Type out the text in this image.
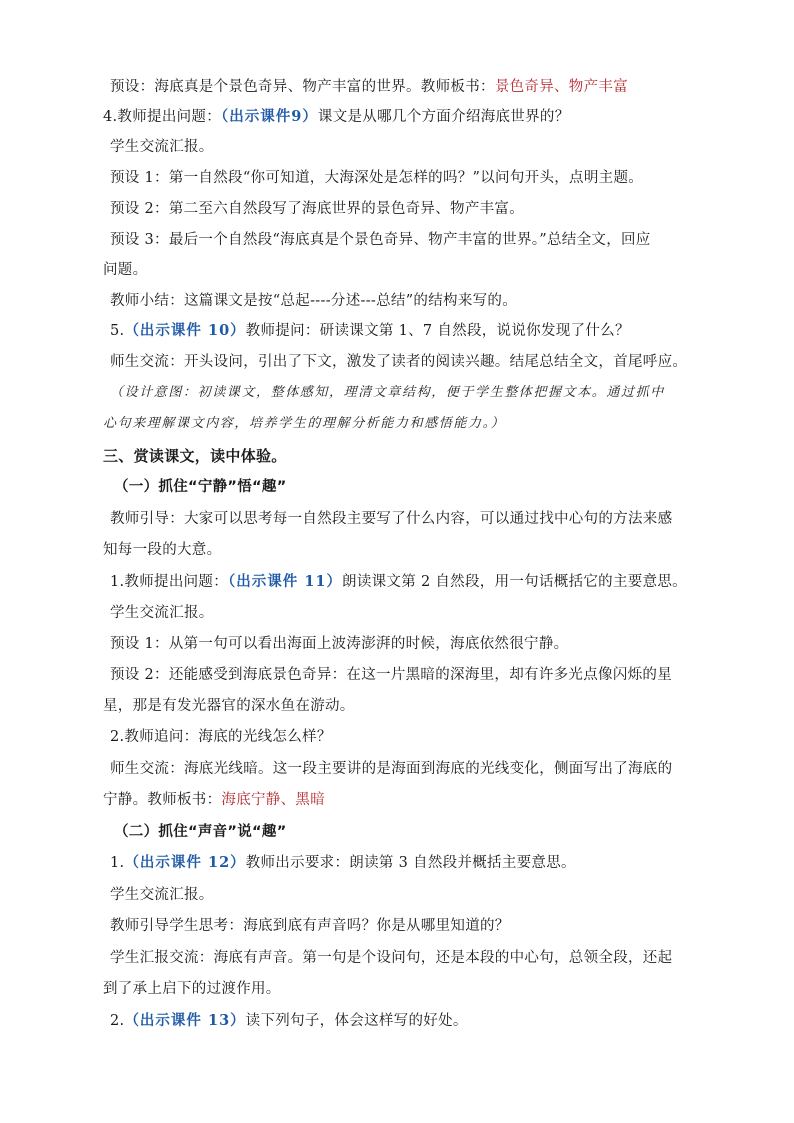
预设：海底真是个景色奇异、物产丰富的世界。教师板书：景色奇异、物产丰富
4.教师提出问题：（出示课件9）课文是从哪几个方面介绍海底世界的？
学生交流汇报。
预设 1：第一自然段“你可知道，大海深处是怎样的吗？”以问句开头，点明主题。
预设 2：第二至六自然段写了海底世界的景色奇异、物产丰富。
预设 3：最后一个自然段“海底真是个景色奇异、物产丰富的世界。”总结全文，回应
问题。
教师小结：这篇课文是按“总起----分述---总结”的结构来写的。
5.（出示课件 10）教师提问：研读课文第 1、7 自然段，说说你发现了什么？
师生交流：开头设问，引出了下文，激发了读者的阅读兴趣。结尾总结全文，首尾呼应。
（设计意图：初读课文，整体感知，理清文章结构，便于学生整体把握文本。通过抓中
心句来理解课文内容，培养学生的理解分析能力和感悟能力。）
三、赏读课文，读中体验。
（一）抓住“宁静”悟“趣”
教师引导：大家可以思考每一自然段主要写了什么内容，可以通过找中心句的方法来感
知每一段的大意。
1.教师提出问题：（出示课件 11）朗读课文第 2 自然段，用一句话概括它的主要意思。
学生交流汇报。
预设 1：从第一句可以看出海面上波涛澎湃的时候，海底依然很宁静。
预设 2：还能感受到海底景色奇异：在这一片黑暗的深海里，却有许多光点像闪烁的星
星，那是有发光器官的深水鱼在游动。
2.教师追问：海底的光线怎么样？
师生交流：海底光线暗。这一段主要讲的是海面到海底的光线变化，侧面写出了海底的
宁静。教师板书：海底宁静、黑暗
（二）抓住“声音”说“趣”
1.（出示课件 12）教师出示要求：朗读第 3 自然段并概括主要意思。
学生交流汇报。
教师引导学生思考：海底到底有声音吗？你是从哪里知道的？
学生汇报交流：海底有声音。第一句是个设问句，还是本段的中心句，总领全段，还起
到了承上启下的过渡作用。
2.（出示课件 13）读下列句子，体会这样写的好处。
